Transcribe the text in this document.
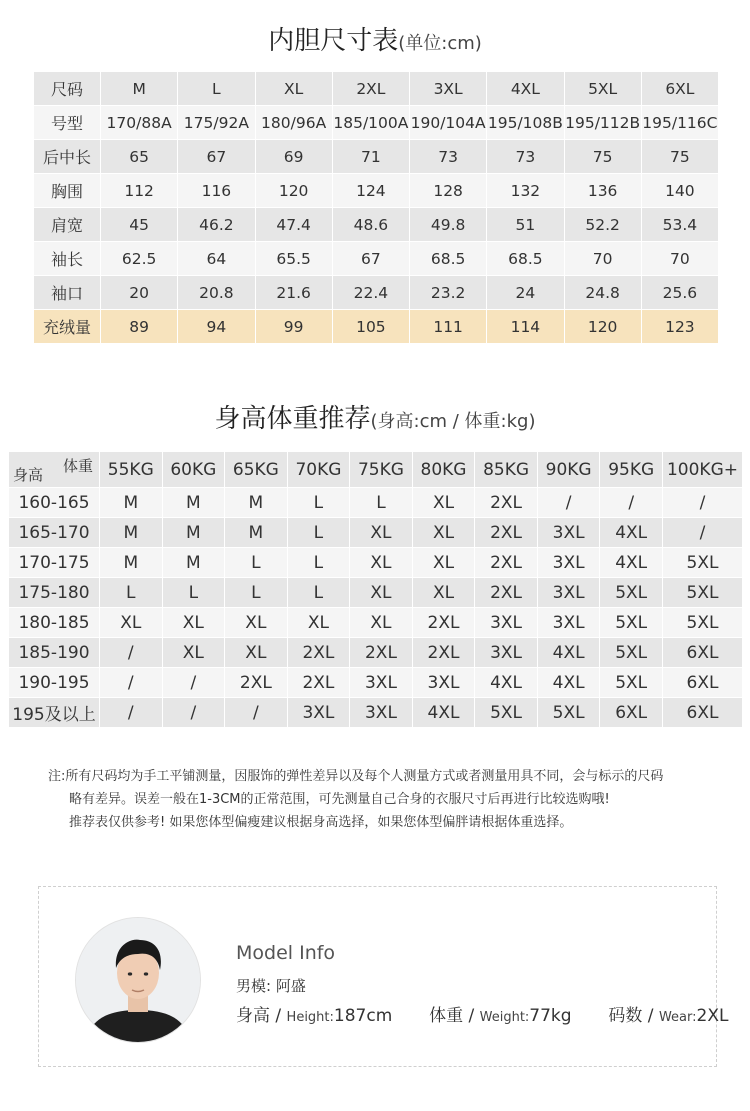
内胆尺寸表(单位:cm)
尺码	M	L	XL	2XL	3XL	4XL	5XL	6XL
号型	170/88A	175/92A	180/96A	185/100A	190/104A	195/108B	195/112B	195/116C
后中长	65	67	69	71	73	73	75	75
胸围	112	116	120	124	128	132	136	140
肩宽	45	46.2	47.4	48.6	49.8	51	52.2	53.4
袖长	62.5	64	65.5	67	68.5	68.5	70	70
袖口	20	20.8	21.6	22.4	23.2	24	24.8	25.6
充绒量	89	94	99	105	111	114	120	123
身高体重推荐(身高:cm / 体重:kg)
体重
身高	55KG	60KG	65KG	70KG	75KG	80KG	85KG	90KG	95KG	100KG+
160-165	M	M	M	L	L	XL	2XL	/	/	/
165-170	M	M	M	L	XL	XL	2XL	3XL	4XL	/
170-175	M	M	L	L	XL	XL	2XL	3XL	4XL	5XL
175-180	L	L	L	L	XL	XL	2XL	3XL	5XL	5XL
180-185	XL	XL	XL	XL	XL	2XL	3XL	3XL	5XL	5XL
185-190	/	XL	XL	2XL	2XL	2XL	3XL	4XL	5XL	6XL
190-195	/	/	2XL	2XL	3XL	3XL	4XL	4XL	5XL	6XL
195及以上	/	/	/	3XL	3XL	4XL	5XL	5XL	6XL	6XL
注:所有尺码均为手工平铺测量，因服饰的弹性差异以及每个人测量方式或者测量用具不同，会与标示的尺码
略有差异。误差一般在1-3CM的正常范围，可先测量自己合身的衣服尺寸后再进行比较选购哦!
推荐表仅供参考! 如果您体型偏瘦建议根据身高选择，如果您体型偏胖请根据体重选择。
Model Info
男模: 阿盛
身高 / Height:187cm 体重 / Weight:77kg 码数 / Wear:2XL
